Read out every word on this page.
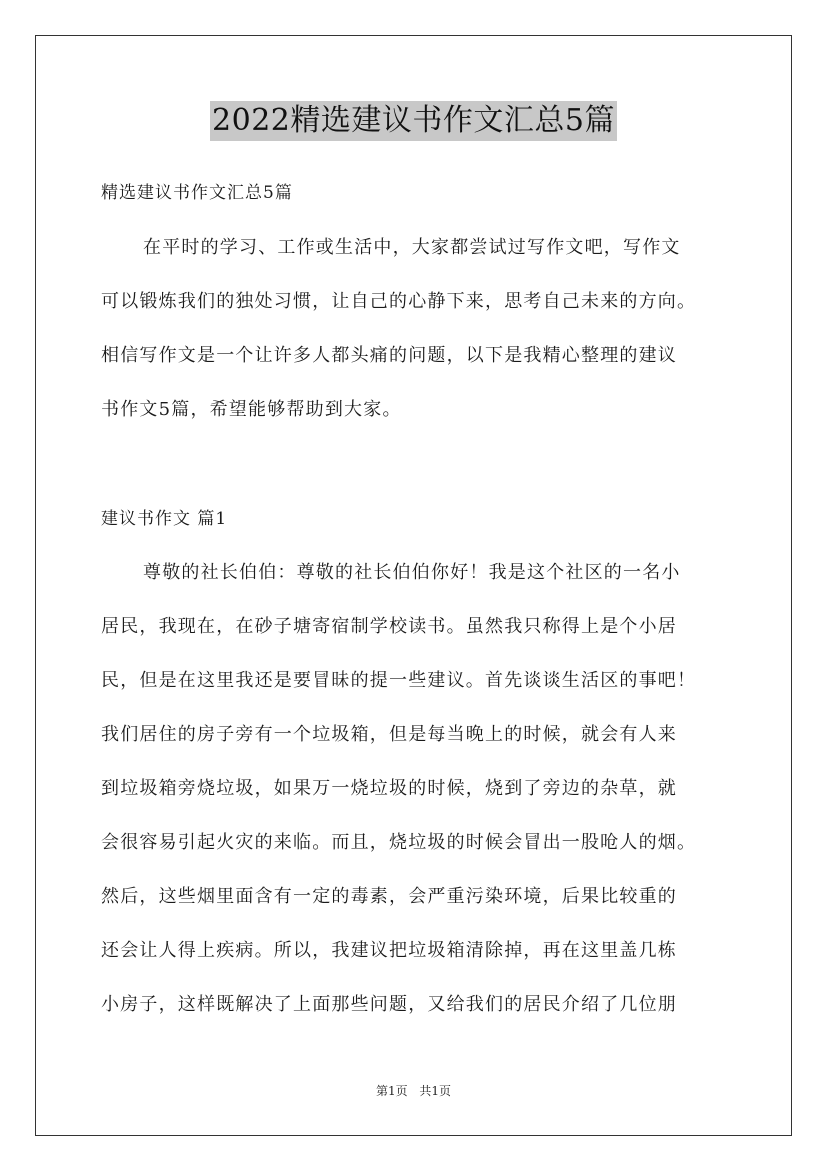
2022精选建议书作文汇总5篇
精选建议书作文汇总5篇
在平时的学习、工作或生活中，大家都尝试过写作文吧，写作文
可以锻炼我们的独处习惯，让自己的心静下来，思考自己未来的方向。
相信写作文是一个让许多人都头痛的问题，以下是我精心整理的建议
书作文5篇，希望能够帮助到大家。
建议书作文 篇1
尊敬的社长伯伯：尊敬的社长伯伯你好！我是这个社区的一名小
居民，我现在，在砂子塘寄宿制学校读书。虽然我只称得上是个小居
民，但是在这里我还是要冒昧的提一些建议。首先谈谈生活区的事吧！
我们居住的房子旁有一个垃圾箱，但是每当晚上的时候，就会有人来
到垃圾箱旁烧垃圾，如果万一烧垃圾的时候，烧到了旁边的杂草，就
会很容易引起火灾的来临。而且，烧垃圾的时候会冒出一股呛人的烟。
然后，这些烟里面含有一定的毒素，会严重污染环境，后果比较重的
还会让人得上疾病。所以，我建议把垃圾箱清除掉，再在这里盖几栋
小房子，这样既解决了上面那些问题，又给我们的居民介绍了几位朋
第1页 共1页
